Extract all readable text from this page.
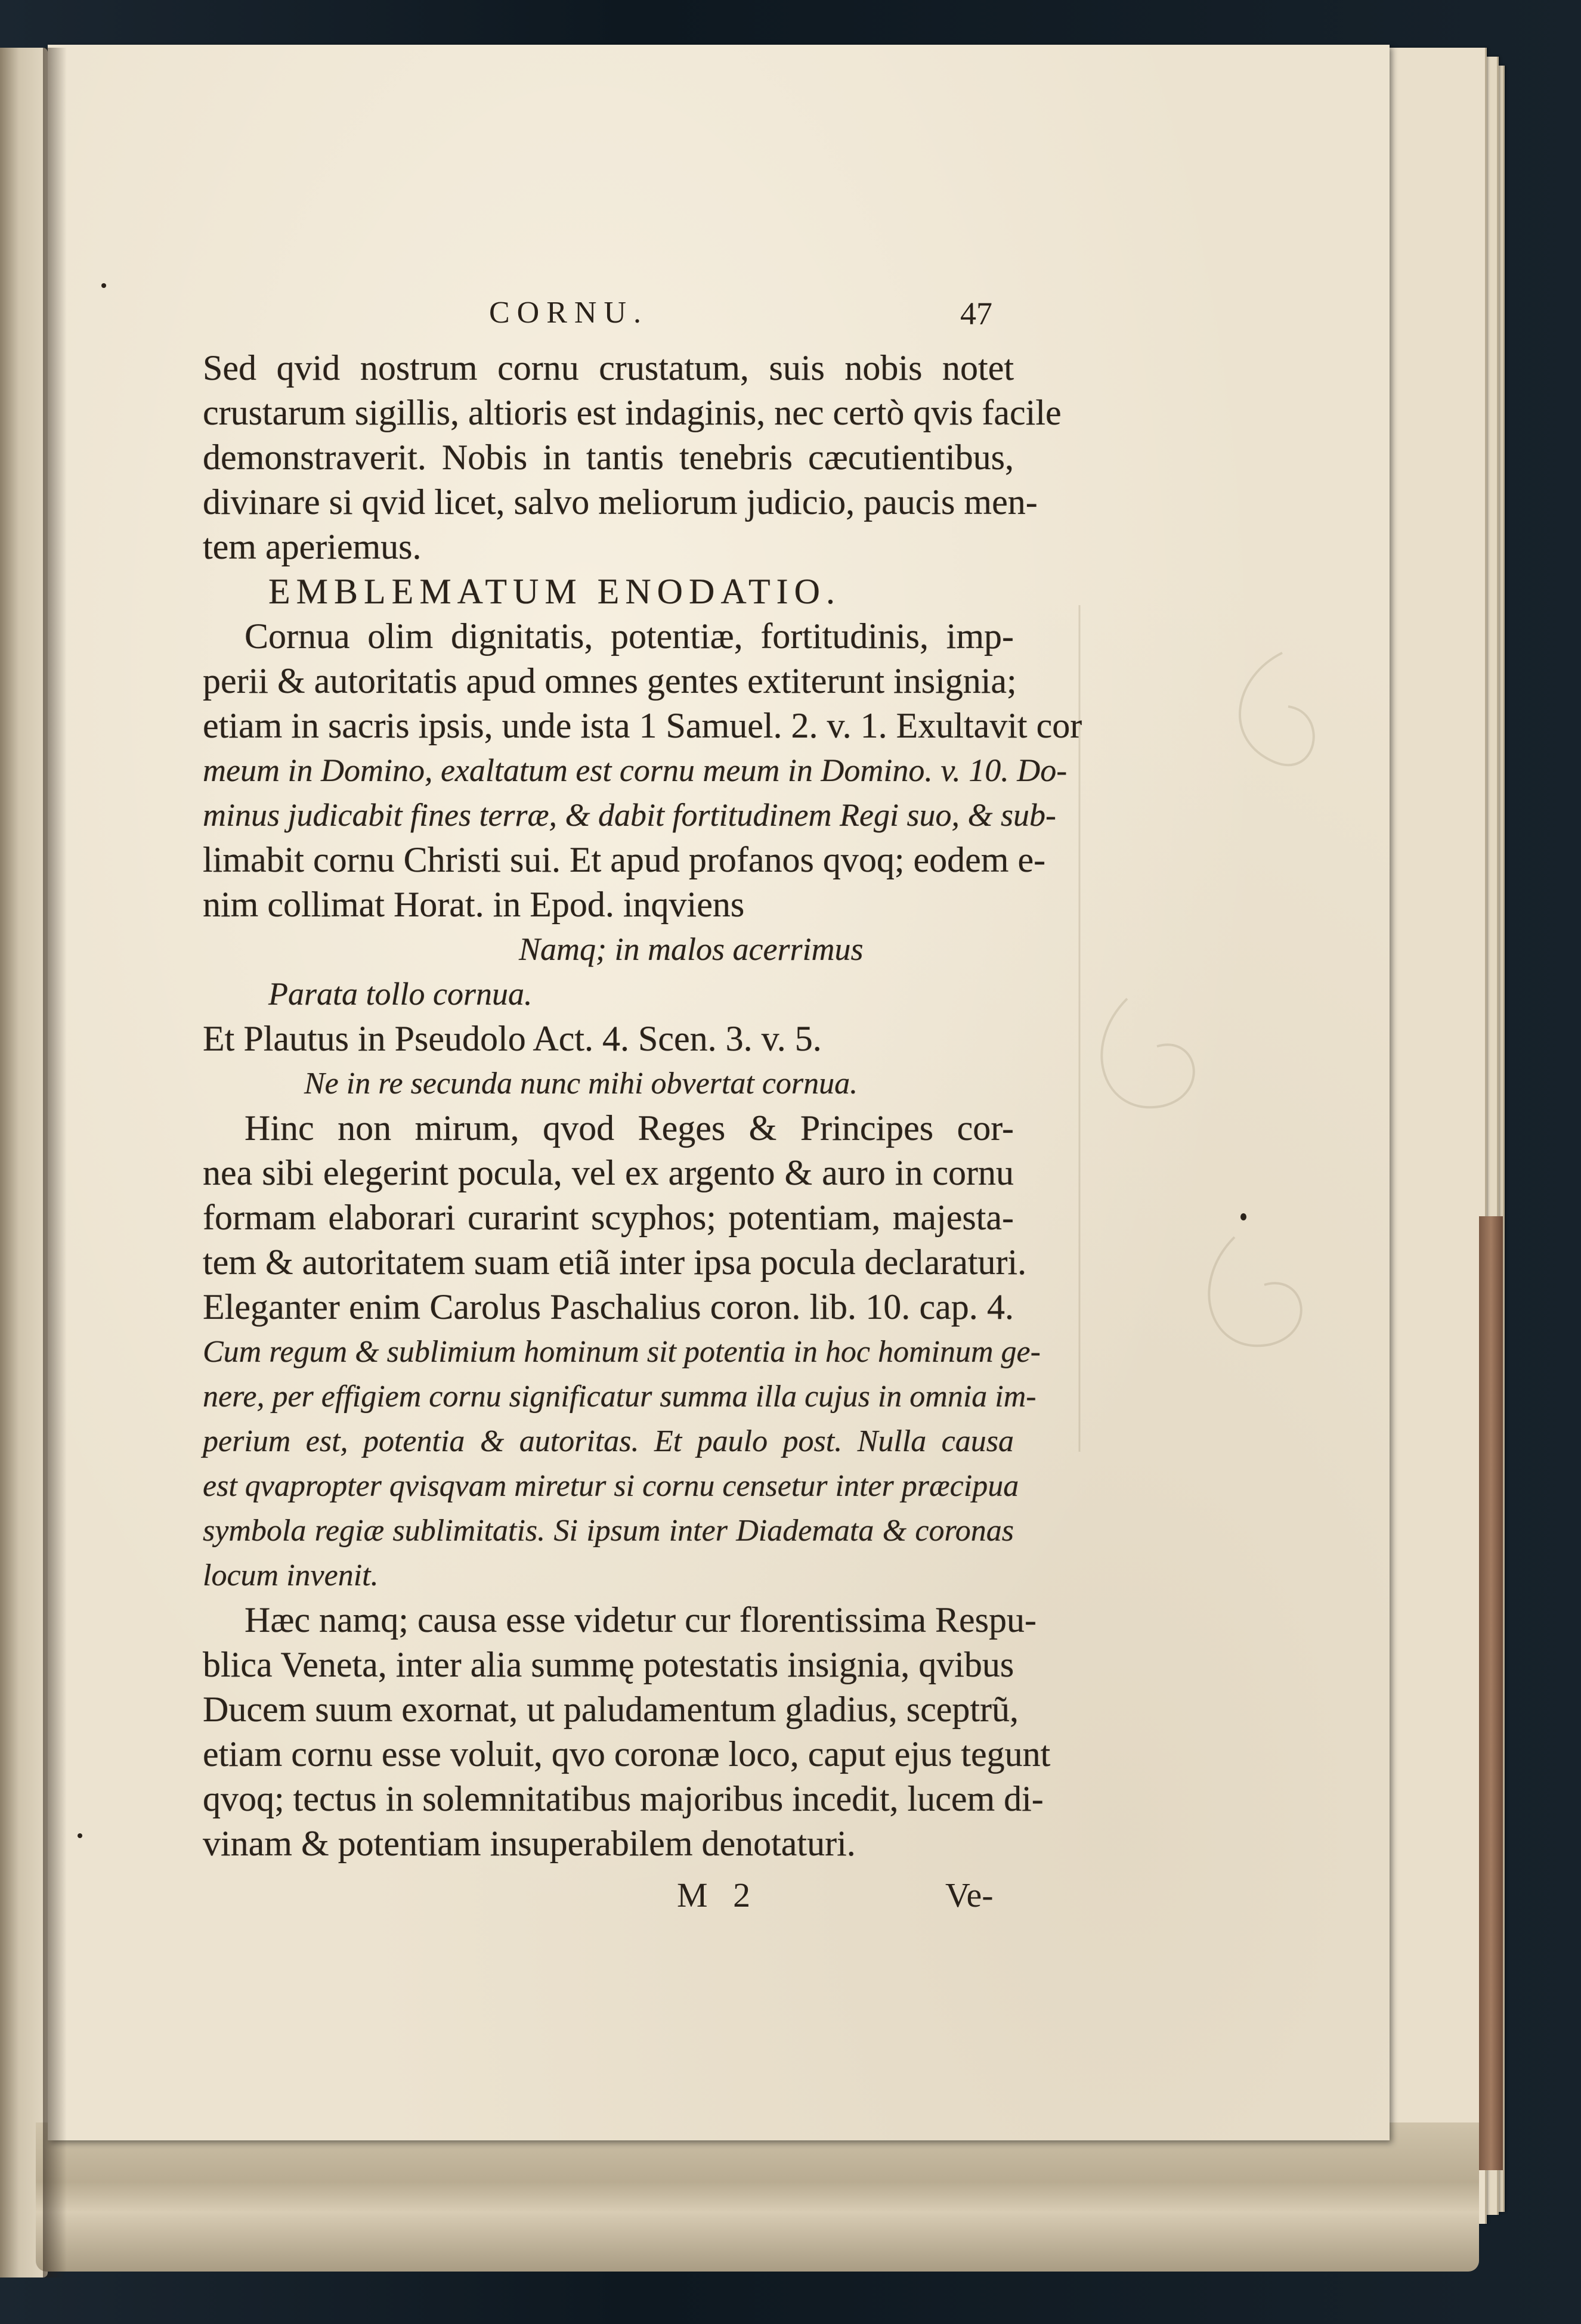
CORNU.	47
Sed qvid nostrum cornu crustatum, suis nobis notet
crustarum sigillis, altioris est indaginis, nec certò qvis facile
demonstraverit. Nobis in tantis tenebris cæcutientibus,
divinare si qvid licet, salvo meliorum judicio, paucis men-
tem aperiemus.
EMBLEMATUM ENODATIO.
Cornua olim dignitatis, potentiæ, fortitudinis, imp-
perii & autoritatis apud omnes gentes extiterunt insignia;
etiam in sacris ipsis, unde ista 1 Samuel. 2. v. 1. Exultavit cor
meum in Domino, exaltatum est cornu meum in Domino. v. 10. Do-
minus judicabit fines terræ, & dabit fortitudinem Regi suo, & sub-
limabit cornu Christi sui. Et apud profanos qvoq; eodem e-
nim collimat Horat. in Epod. inqviens
Namq; in malos acerrimus
Parata tollo cornua.
Et Plautus in Pseudolo Act. 4. Scen. 3. v. 5.
Ne in re secunda nunc mihi obvertat cornua.
Hinc non mirum, qvod Reges & Principes cor-
nea sibi elegerint pocula, vel ex argento & auro in cornu
formam elaborari curarint scyphos; potentiam, majesta-
tem & autoritatem suam etiã inter ipsa pocula declaraturi.
Eleganter enim Carolus Paschalius coron. lib. 10. cap. 4.
Cum regum & sublimium hominum sit potentia in hoc hominum ge-
nere, per effigiem cornu significatur summa illa cujus in omnia im-
perium est, potentia & autoritas. Et paulo post. Nulla causa
est qvapropter qvisqvam miretur si cornu censetur inter præcipua
symbola regiæ sublimitatis. Si ipsum inter Diademata & coronas
locum invenit.
Hæc namq; causa esse videtur cur florentissima Respu-
blica Veneta, inter alia summę potestatis insignia, qvibus
Ducem suum exornat, ut paludamentum gladius, sceptrũ,
etiam cornu esse voluit, qvo coronæ loco, caput ejus tegunt
qvoq; tectus in solemnitatibus majoribus incedit, lucem di-
vinam & potentiam insuperabilem denotaturi.
M 2	Ve-
